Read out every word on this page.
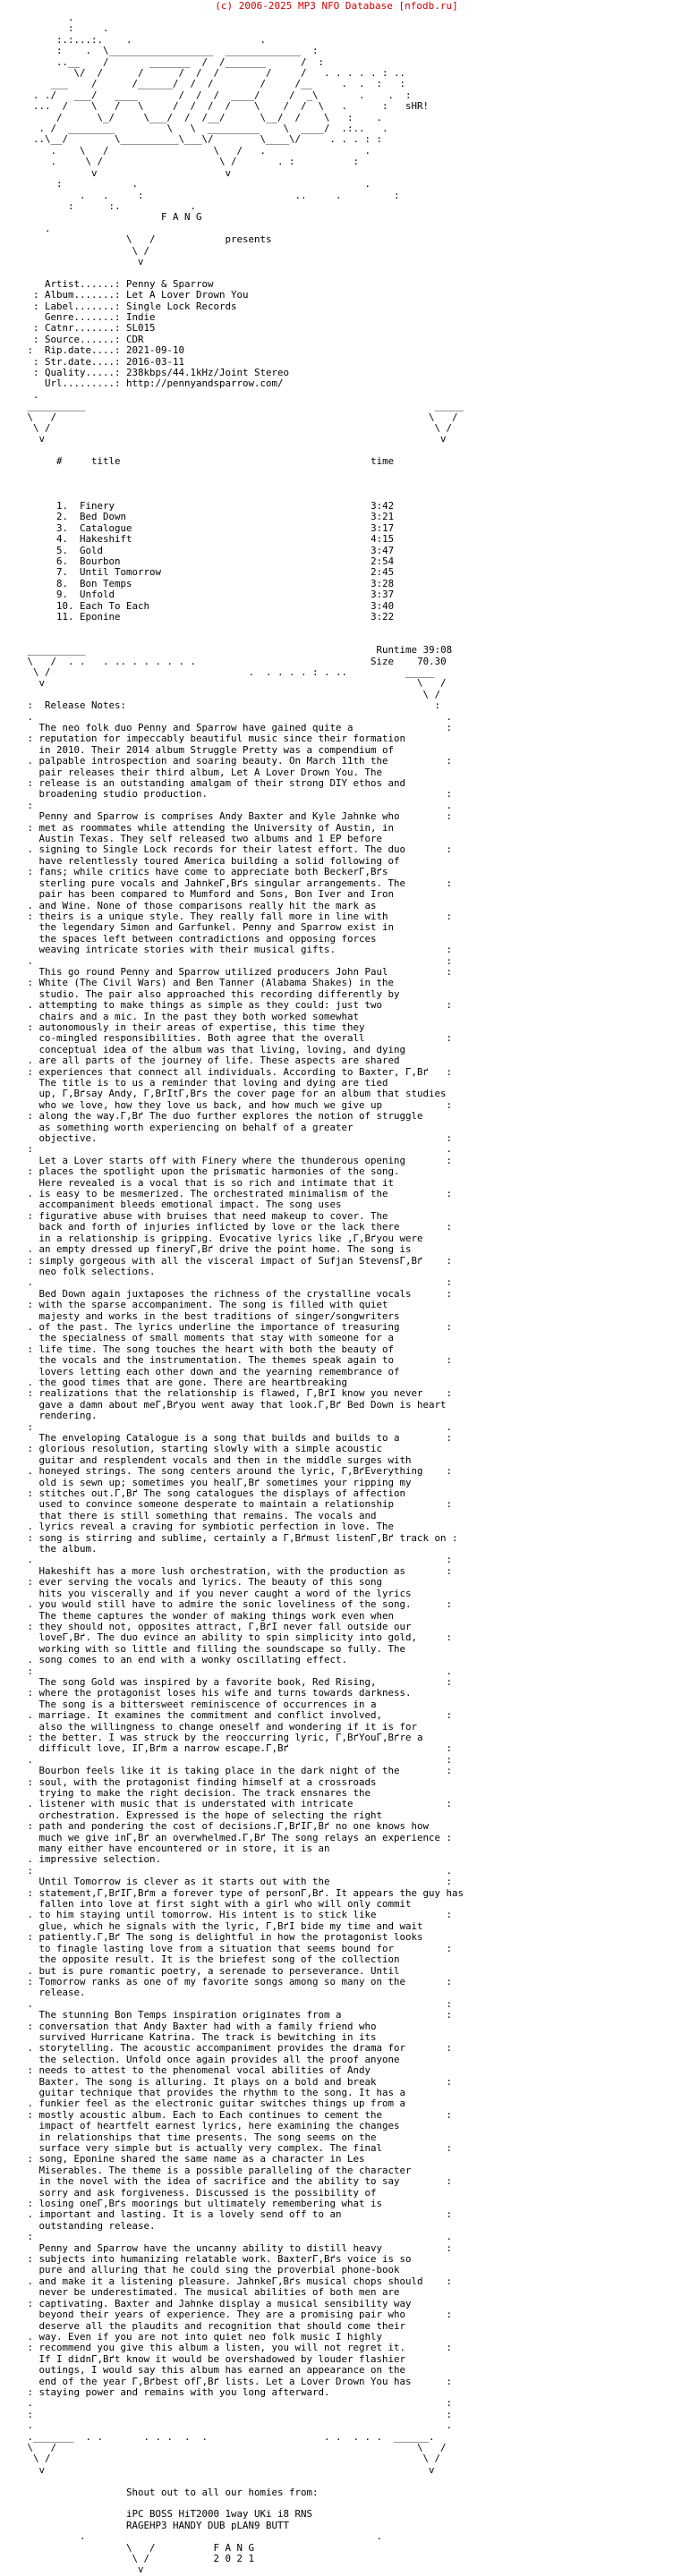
(c) 2006-2025 MP3 NFO Database [nfodb.ru]
.
:     .
:.:...:.    .                      .
:    .  \__________________  _____________  :
..__    /       _______  /  /_______      /  :
\/  /      /      /  /  /        /     /   . . . . . : ..
___    /      /______/  /  /        /     /__     .  .  :   :
. ./   ___/   ____       /  /  /  ____/     /  _\       .    .  :
...  /    \   /   \     /  /  /  /    \    /  /  \   .      :   sHR!
/      \_/     \___/  /  /__/      \__/  /    \   :    .
. /  ________         \   \  _________    \  ____/  .:..   .
..\__/        \__________\___\/        \____\/     . . . : :
.    \   /                  \   /   .                 .
.     \ /                    \ /       . :          :
v                      v
:            .                                       .
.   .     :                          ..     .         :
:      :.            .
F A N G
.
\   /            presents
\ /
v

Artist......: Penny & Sparrow
: Album.......: Let A Lover Drown You
: Label.......: Single Lock Records
Genre.......: Indie
: Catnr.......: SL015
: Source......: CDR
:  Rip.date....: 2021-09-10
: Str.date....: 2016-03-11
: Quality.....: 238kbps/44.1kHz/Joint Stereo
Url.........: http://pennyandsparrow.com/
.
__________                                                            _____
\   /                                                                \   /
\ /                                                                  \ /
v                                                                    v

#	title	time

1. Finery	3:42
2. Bed Down	3:21
3. Catalogue	3:17
4. Hakeshift	4:15
5. Gold	3:47
6. Bourbon	2:54
7. Until Tomorrow	2:45
8. Bon Temps	3:28
9. Unfold	3:37
10. Each To Each	3:40
11. Eponine	3:22

__________                                                  Runtime 39:08
\   /  . .   . .. . . . . . .                              Size 70.30
\ /                                  .  . . . . : . ..          _____
v                                                                \   /
\ /
:  Release Notes:                                                     :
.                                                                       .
The neo folk duo Penny and Sparrow have gained quite a                :
: reputation for impeccably beautiful music since their formation
in 2010. Their 2014 album Struggle Pretty was a compendium of
. palpable introspection and soaring beauty. On March 11th the          :
pair releases their third album, Let A Lover Drown You. The
: release is an outstanding amalgam of their strong DIY ethos and
broadening studio production.                                         :
:                                                                       .
Penny and Sparrow is comprises Andy Baxter and Kyle Jahnke who        :
: met as roommates while attending the University of Austin, in
Austin Texas. They self released two albums and 1 EP before
. signing to Single Lock records for their latest effort. The duo       :
have relentlessly toured America building a solid following of
: fans; while critics have come to appreciate both BeckerГ‚Вґs
sterling pure vocals and JahnkeГ‚Вґs singular arrangements. The       :
pair has been compared to Mumford and Sons, Bon Iver and Iron
. and Wine. None of those comparisons really hit the mark as
: theirs is a unique style. They really fall more in line with          :
the legendary Simon and Garfunkel. Penny and Sparrow exist in
the spaces left between contradictions and opposing forces
weaving intricate stories with their musical gifts.                   :
.                                                                       :
This go round Penny and Sparrow utilized producers John Paul          :
: White (The Civil Wars) and Ben Tanner (Alabama Shakes) in the
studio. The pair also approached this recording differently by
. attempting to make things as simple as they could: just two           :
chairs and a mic. In the past they both worked somewhat
: autonomously in their areas of expertise, this time they
co-mingled responsibilities. Both agree that the overall              :
conceptual idea of the album was that living, loving, and dying
. are all parts of the journey of life. These aspects are shared
: experiences that connect all individuals. According to Baxter, Г‚Вґ   :
The title is to us a reminder that loving and dying are tied
up, Г‚Вґsay Andy, Г‚ВґItГ‚Вґs the cover page for an album that studies
who we love, how they love us back, and how much we give up           :
: along the way.Г‚Вґ The duo further explores the notion of struggle
as something worth experiencing on behalf of a greater
objective.                                                            :
:                                                                       .
Let a Lover starts off with Finery where the thunderous opening       :
: places the spotlight upon the prismatic harmonies of the song.
Here revealed is a vocal that is so rich and intimate that it
. is easy to be mesmerized. The orchestrated minimalism of the          :
accompaniment bleeds emotional impact. The song uses
: figurative abuse with bruises that need makeup to cover. The
back and forth of injuries inflicted by love or the lack there        :
in a relationship is gripping. Evocative lyrics like ,Г‚Вґyou were
. an empty dressed up fineryГ‚Вґ drive the point home. The song is
: simply gorgeous with all the visceral impact of Sufjan StevensГ‚Вґ    :
neo folk selections.
.                                                                       :
Bed Down again juxtaposes the richness of the crystalline vocals      :
: with the sparse accompaniment. The song is filled with quiet
majesty and works in the best traditions of singer/songwriters
. of the past. The lyrics underline the importance of treasuring        :
the specialness of small moments that stay with someone for a
: life time. The song touches the heart with both the beauty of
the vocals and the instrumentation. The themes speak again to         :
lovers letting each other down and the yearning remembrance of
. the good times that are gone. There are heartbreaking
: realizations that the relationship is flawed, Г‚ВґI know you never    :
gave a damn about meГ‚Вґyou went away that look.Г‚Вґ Bed Down is heart
rendering.
:                                                                       .
The enveloping Catalogue is a song that builds and builds to a        :
: glorious resolution, starting slowly with a simple acoustic
guitar and resplendent vocals and then in the middle surges with
. honeyed strings. The song centers around the lyric, Г‚ВґEverything    :
old is sewn up; sometimes you healГ‚Вґ sometimes your ripping my
: stitches out.Г‚Вґ The song catalogues the displays of affection
used to convince someone desperate to maintain a relationship         :
that there is still something that remains. The vocals and
. lyrics reveal a craving for symbiotic perfection in love. The
: song is stirring and sublime, certainly a Г‚Вґmust listenГ‚Вґ track on :
the album.
.                                                                       :
Hakeshift has a more lush orchestration, with the production as       :
: ever serving the vocals and lyrics. The beauty of this song
hits you viscerally and if you never caught a word of the lyrics
. you would still have to admire the sonic loveliness of the song.      :
The theme captures the wonder of making things work even when
: they should not, opposites attract, Г‚ВґI never fall outside our
loveГ‚Вґ. The duo evince an ability to spin simplicity into gold,     :
working with so little and filling the soundscape so fully. The
. song comes to an end with a wonky oscillating effect.
:                                                                       .
The song Gold was inspired by a favorite book, Red Rising,            :
: where the protagonist loses his wife and turns towards darkness.
The song is a bittersweet reminiscence of occurrences in a
. marriage. It examines the commitment and conflict involved,           :
also the willingness to change oneself and wondering if it is for
: the better. I was struck by the reoccurring lyric, Г‚ВґYouГ‚Вґre a
difficult love, IГ‚Вґm a narrow escape.Г‚Вґ                           :
.                                                                       :
Bourbon feels like it is taking place in the dark night of the        :
: soul, with the protagonist finding himself at a crossroads
trying to make the right decision. The track ensnares the
. listener with music that is understated with intricate                :
orchestration. Expressed is the hope of selecting the right
: path and pondering the cost of decisions.Г‚ВґIГ‚Вґ no one knows how
much we give inГ‚Вґ an overwhelmed.Г‚Вґ The song relays an experience :
many either have encountered or in store, it is an
. impressive selection.
:                                                                       .
Until Tomorrow is clever as it starts out with the                    :
: statement,Г‚ВґIГ‚Вґm a forever type of personГ‚Вґ. It appears the guy has
fallen into love at first sight with a girl who will only commit
. to him staying until tomorrow. His intent is to stick like            :
glue, which he signals with the lyric, Г‚ВґI bide my time and wait
: patiently.Г‚Вґ The song is delightful in how the protagonist looks
to finagle lasting love from a situation that seems bound for         :
the opposite result. It is the briefest song of the collection
. but is pure romantic poetry, a serenade to perseverance. Until
: Tomorrow ranks as one of my favorite songs among so many on the       :
release.
.                                                                       :
The stunning Bon Temps inspiration originates from a                  :
: conversation that Andy Baxter had with a family friend who
survived Hurricane Katrina. The track is bewitching in its
. storytelling. The acoustic accompaniment provides the drama for       :
the selection. Unfold once again provides all the proof anyone
: needs to attest to the phenomenal vocal abilities of Andy
Baxter. The song is alluring. It plays on a bold and break            :
guitar technique that provides the rhythm to the song. It has a
. funkier feel as the electronic guitar switches things up from a
: mostly acoustic album. Each to Each continues to cement the           :
impact of heartfelt earnest lyrics, here examining the changes
in relationships that time presents. The song seems on the
surface very simple but is actually very complex. The final           :
: song, Eponine shared the same name as a character in Les
Miserables. The theme is a possible paralleling of the character
in the novel with the idea of sacrifice and the ability to say        :
sorry and ask forgiveness. Discussed is the possibility of
: losing oneГ‚Вґs moorings but ultimately remembering what is
. important and lasting. It is a lovely send off to an                  :
outstanding release.
:                                                                       .
Penny and Sparrow have the uncanny ability to distill heavy           :
: subjects into humanizing relatable work. BaxterГ‚Вґs voice is so
pure and alluring that he could sing the proverbial phone-book
. and make it a listening pleasure. JahnkeГ‚Вґs musical chops should    :
never be underestimated. The musical abilities of both men are
: captivating. Baxter and Jahnke display a musical sensibility way
beyond their years of experience. They are a promising pair who       :
deserve all the plaudits and recognition that should come their
. way. Even if you are not into quiet neo folk music I highly
: recommend you give this album a listen, you will not regret it.       :
If I didnГ‚Вґt know it would be overshadowed by louder flashier
outings, I would say this album has earned an appearance on the
end of the year Г‚Вґbest ofГ‚Вґ lists. Let a Lover Drown You has      :
: staying power and remains with you long afterward.
.                                                                       :
:                                                                       :
.                                                                       .
._______  . .       . . .  .  .                    . .  . . .  ______.
\   /                                                              \   /
\ /                                                                \ /
v                                                                  v

Shout out to all our homies from:

iPC BOSS HiT2000 1way UKi i8 RNS
RAGEHP3 HANDY DUB pLAN9 BUTT
.                                                  .
\   /          F A N G
\ /           2 0 2 1
v
